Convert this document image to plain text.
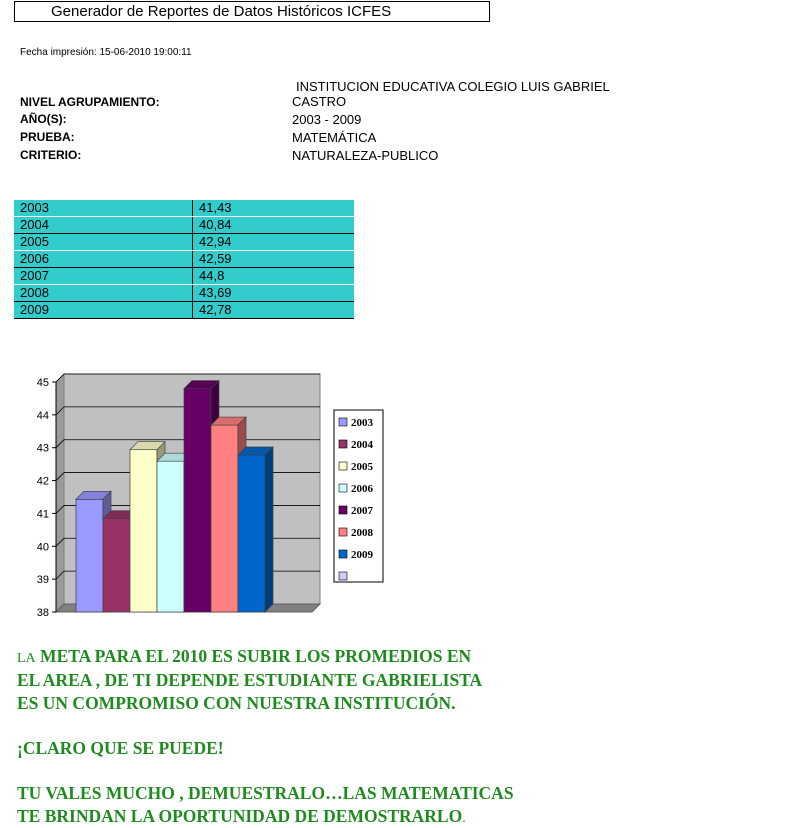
Generador de Reportes de Datos Históricos ICFES
Fecha impresión: 15-06-2010 19:00:11
INSTITUCION EDUCATIVA COLEGIO LUIS GABRIEL
NIVEL AGRUPAMIENTO:	CASTRO
AÑO(S):	2003 - 2009
PRUEBA:	MATEMÁTICA
CRITERIO:	NATURALEZA-PUBLICO
2003	41,43
2004	40,84
2005	42,94
2006	42,59
2007	44,8
2008	43,69
2009	42,78
38
39
40
41
42
43
44
45
2003
2004
2005
2006
2007
2008
2009
LA META PARA EL 2010 ES SUBIR LOS PROMEDIOS EN
EL AREA , DE TI DEPENDE ESTUDIANTE GABRIELISTA
ES UN COMPROMISO CON NUESTRA INSTITUCIÓN.
¡CLARO QUE SE PUEDE!
TU VALES MUCHO , DEMUESTRALO…LAS MATEMATICAS
TE BRINDAN LA OPORTUNIDAD DE DEMOSTRARLO.
